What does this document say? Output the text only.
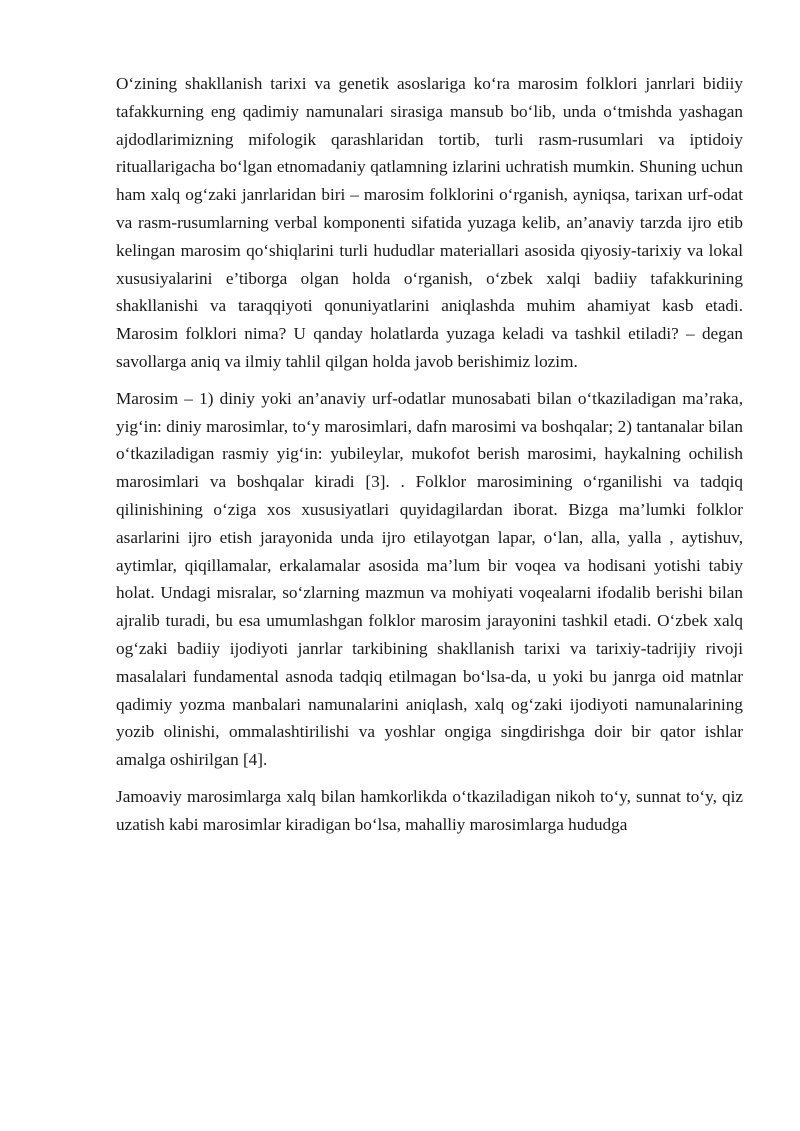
O‘zining shakllanish tarixi va genetik asoslariga ko‘ra marosim folklori janrlari bidiiy tafakkurning eng qadimiy namunalari sirasiga mansub bo‘lib, unda o‘tmishda yashagan ajdodlarimizning mifologik qarashlaridan tortib, turli rasm-rusumlari va iptidoiy rituallarigacha bo‘lgan etnomadaniy qatlamning izlarini uchratish mumkin. Shuning uchun ham xalq og‘zaki janrlaridan biri – marosim folklorini o‘rganish, ayniqsa, tarixan urf-odat va rasm-rusumlarning verbal komponenti sifatida yuzaga kelib, an’anaviy tarzda ijro etib kelingan marosim qo‘shiqlarini turli hududlar materiallari asosida qiyosiy-tarixiy va lokal xususiyalarini e’tiborga olgan holda o‘rganish, o‘zbek xalqi badiiy tafakkurining shakllanishi va taraqqiyoti qonuniyatlarini aniqlashda muhim ahamiyat kasb etadi. Marosim folklori nima? U qanday holatlarda yuzaga keladi va tashkil etiladi? – degan savollarga aniq va ilmiy tahlil qilgan holda javob berishimiz lozim.

Marosim – 1) diniy yoki an’anaviy urf-odatlar munosabati bilan o‘tkaziladigan ma’raka, yig‘in: diniy marosimlar, to‘y marosimlari, dafn marosimi va boshqalar; 2) tantanalar bilan o‘tkaziladigan rasmiy yig‘in: yubileylar, mukofot berish marosimi, haykalning ochilish marosimlari va boshqalar kiradi [3]. . Folklor marosimining o‘rganilishi va tadqiq qilinishining o‘ziga xos xususiyatlari quyidagilardan iborat. Bizga ma’lumki folklor asarlarini ijro etish jarayonida unda ijro etilayotgan lapar, o‘lan, alla, yalla , aytishuv, aytimlar, qiqillamalar, erkalamalar asosida ma’lum bir voqea va hodisani yotishi tabiy holat. Undagi misralar, so‘zlarning mazmun va mohiyati voqealarni ifodalib berishi bilan ajralib turadi, bu esa umumlashgan folklor marosim jarayonini tashkil etadi. O‘zbek xalq og‘zaki badiiy ijodiyoti janrlar tarkibining shakllanish tarixi va tarixiy-tadrijiy rivoji masalalari fundamental asnoda tadqiq etilmagan bo‘lsa-da, u yoki bu janrga oid matnlar qadimiy yozma manbalari namunalarini aniqlash, xalq og‘zaki ijodiyoti namunalarining yozib olinishi, ommalashtirilishi va yoshlar ongiga singdirishga doir bir qator ishlar amalga oshirilgan [4].

Jamoaviy marosimlarga xalq bilan hamkorlikda o‘tkaziladigan nikoh to‘y, sunnat to‘y, qiz uzatish kabi marosimlar kiradigan bo‘lsa, mahalliy marosimlarga hududga
